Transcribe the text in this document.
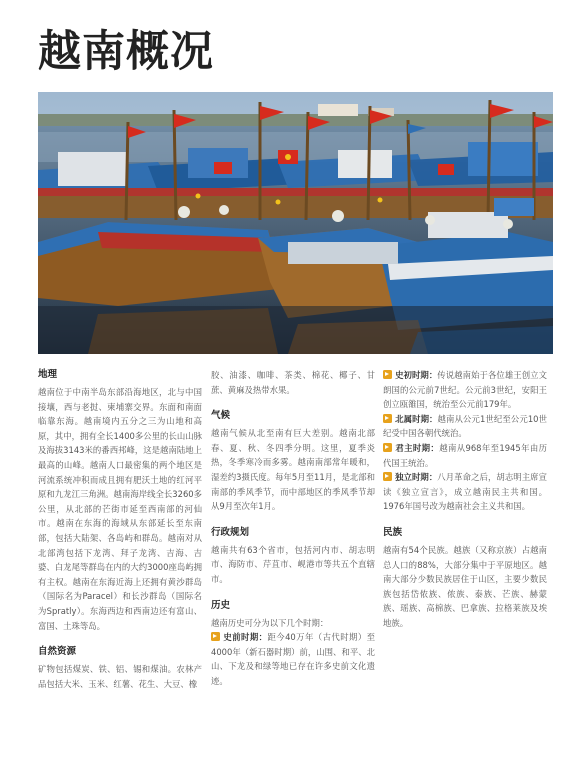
越南概况
地理
越南位于中南半岛东部沿海地区，北与中国接壤，西与老挝、柬埔寨交界。东面和南面临靠东海。越南境内五分之三为山地和高原，其中，拥有全长1400多公里的长山山脉及海拔3143米的番西邦峰，这是越南陆地上最高的山峰。越南人口最密集的两个地区是河流系统冲积而成且拥有肥沃土地的红河平原和九龙江三角洲。越南海岸线全长3260多公里，从北部的芒街市延至西南部的河仙市。越南在东海的海域从东部延长至东南部，包括大陆架、各岛屿和群岛。越南对从北部湾包括下龙湾、拜子龙湾、吉海、吉婆、白龙尾等群岛在内的大约3000座岛屿拥有主权。越南在东海近海上还拥有黄沙群岛（国际名为Paracel）和长沙群岛（国际名为Spratly）。东海西边和西南边还有富山、富国、土珠等岛。
自然资源
矿物包括煤炭、铁、铝、锡和煤油。农林产品包括大米、玉米、红薯、花生、大豆、橡
胶、油漆、咖啡、茶类、棉花、椰子、甘蔗、黄麻及热带水果。
气候
越南气候从北至南有巨大差别。越南北部春、夏、秋、冬四季分明。这里，夏季炎热，冬季寒冷而多雾。越南南部常年暖和，湿差约3摄氏度。每年5月至11月，是北部和南部的季风季节，而中部地区的季风季节却从9月至次年1月。
行政规划
越南共有63个省市，包括河内市、胡志明市、海防市、芹苴市、岘港市等共五个直辖市。
历史
越南历史可分为以下几个时期：
史前时期：距今40万年（古代时期）至4000年（新石器时期）前，山围、和平、北山、下龙及和绿等地已存在许多史前文化遗迹。
史初时期：传说越南始于各位雄王创立文朗国的公元前7世纪。公元前3世纪，安阳王创立瓯雒国，统治至公元前179年。
北属时期：越南从公元1世纪至公元10世纪受中国各朝代统治。
君主时期：越南从968年至1945年由历代国王统治。
独立时期：八月革命之后，胡志明主席宣读《独立宣言》，成立越南民主共和国。1976年国号改为越南社会主义共和国。
民族
越南有54个民族。越族（又称京族）占越南总人口的88%，大部分集中于平原地区。越南大部分少数民族居住于山区，主要少数民族包括岱侬族、侬族、泰族、芒族、赫蒙族、瑶族、高棉族、巴拿族、拉格莱族及埃地族。
